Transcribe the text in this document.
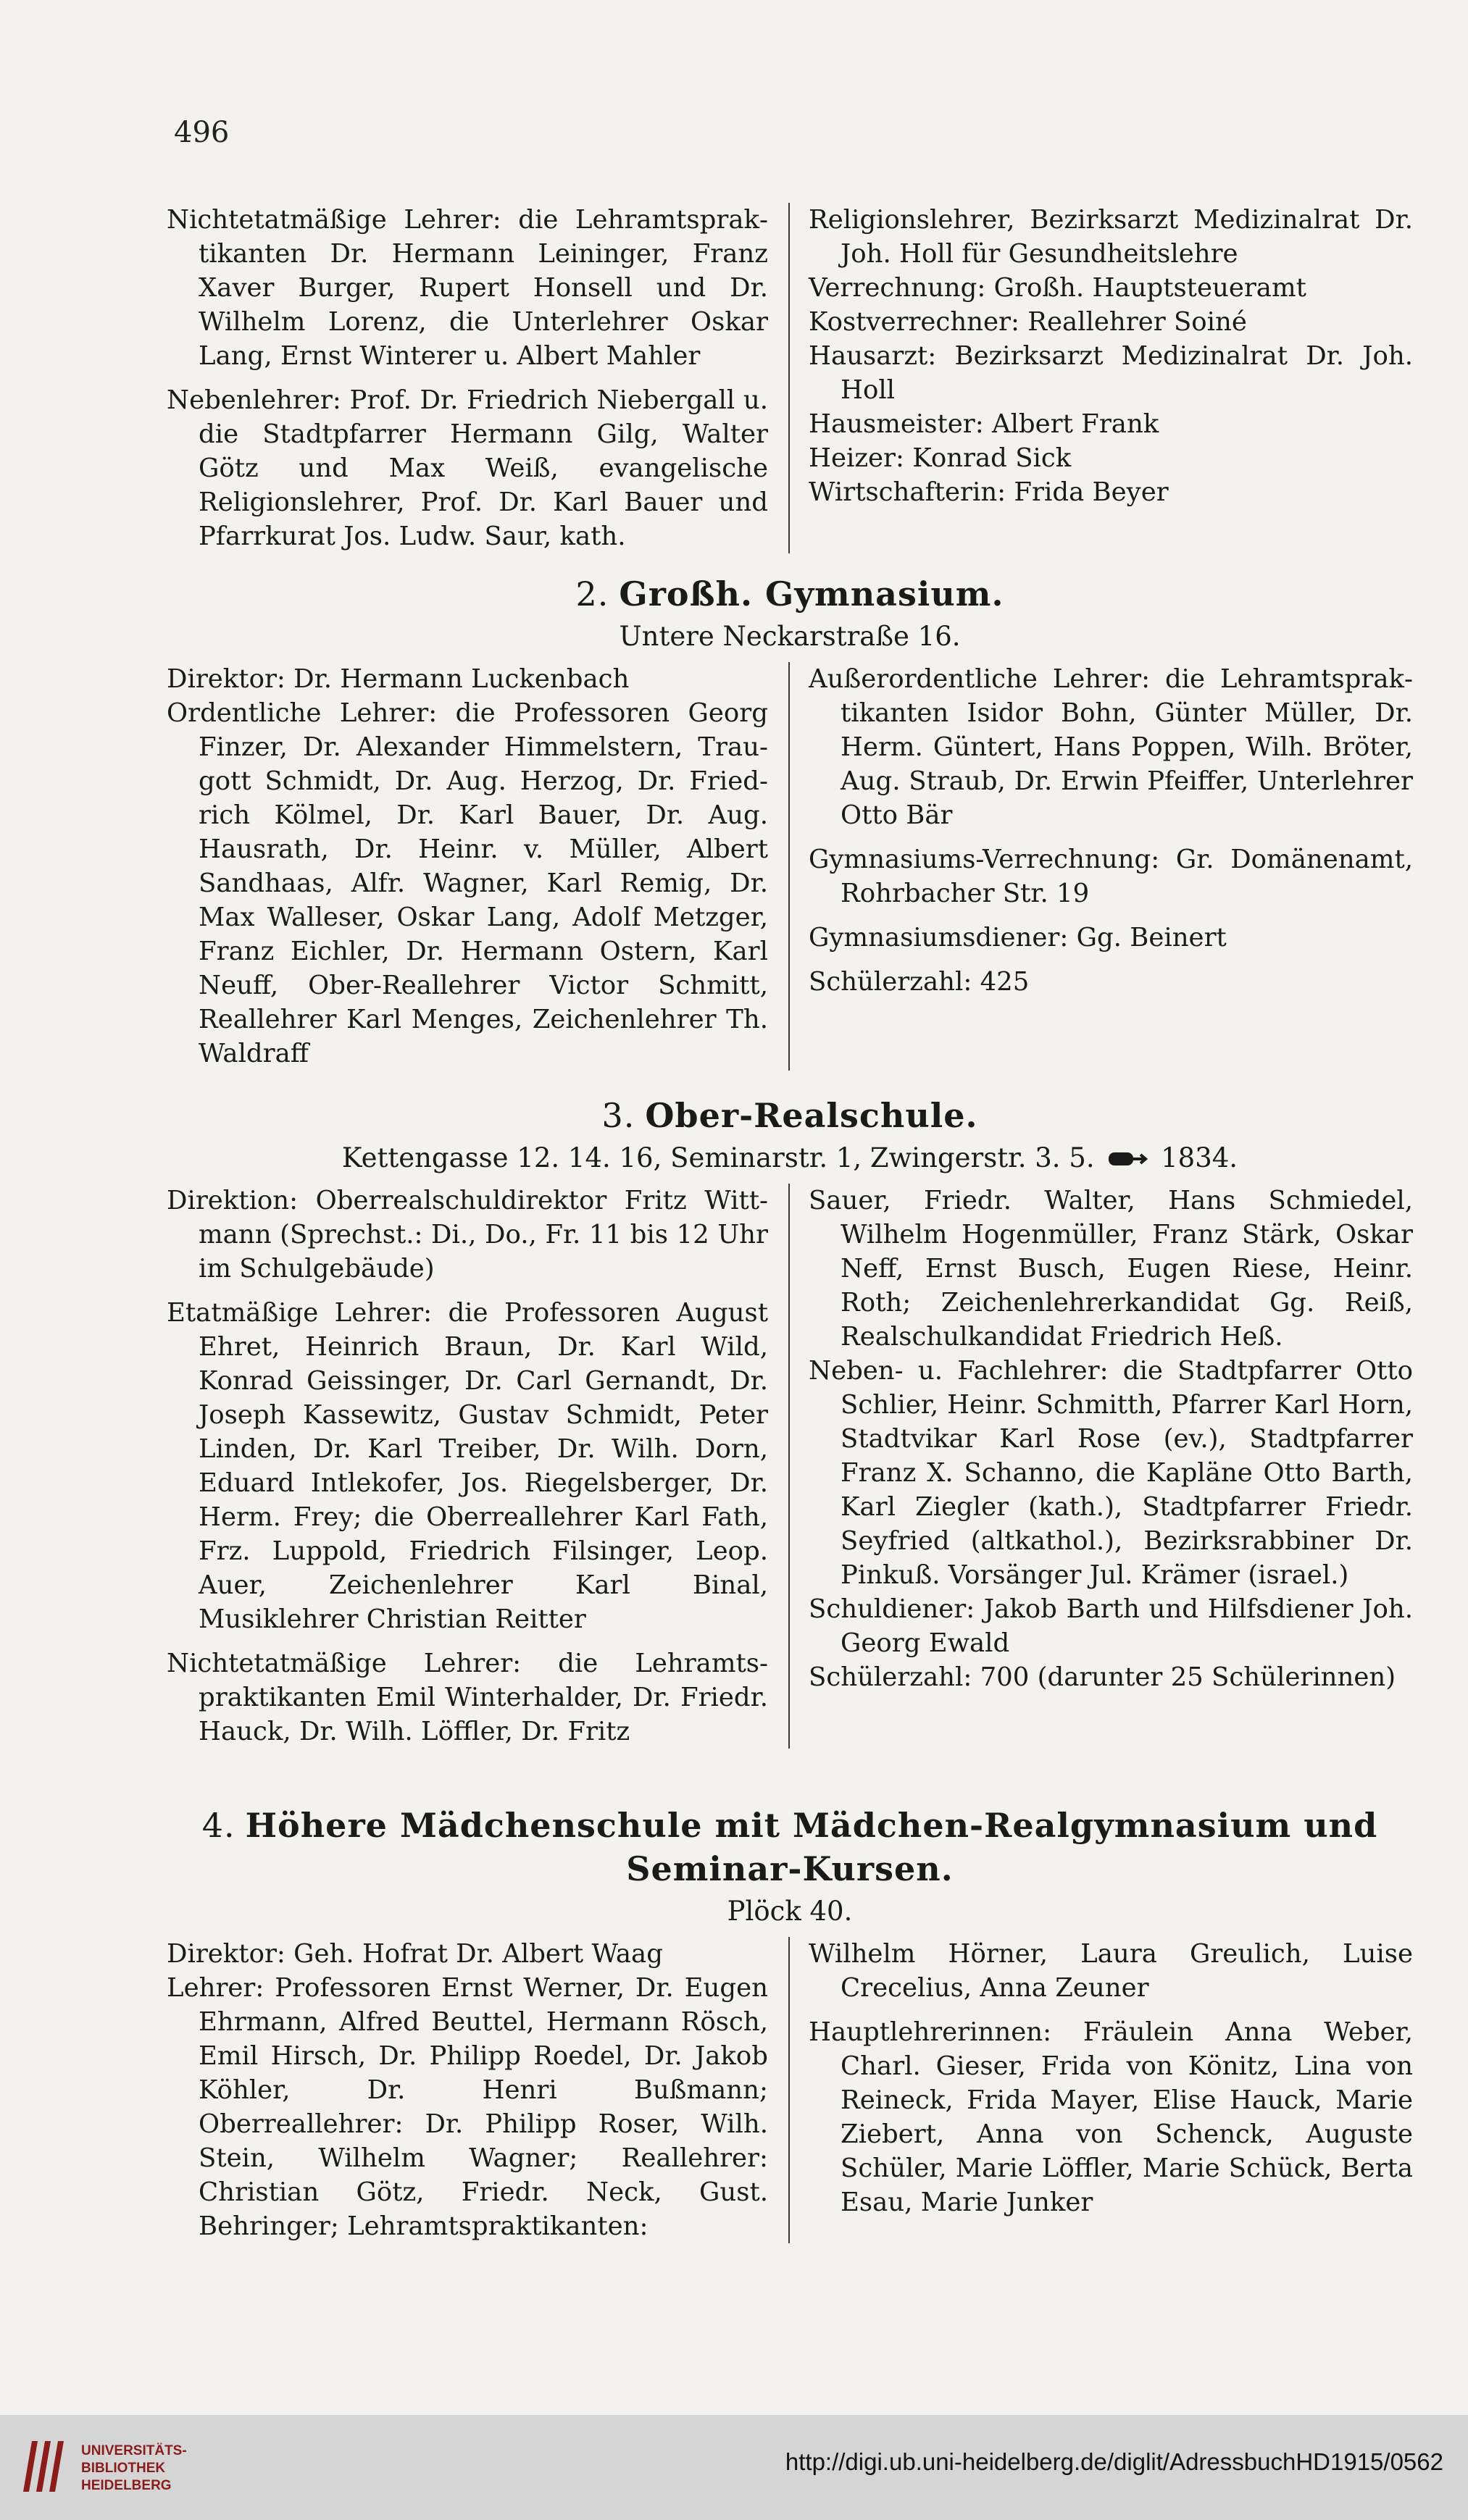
496

Nichtetatmäßige Lehrer: die Lehramtspraktikanten Dr. Hermann Leininger, Franz Xaver Burger, Rupert Honsell und Dr. Wilhelm Lorenz, die Unterlehrer Oskar Lang, Ernst Winterer u. Albert Mahler

Nebenlehrer: Prof. Dr. Friedrich Niebergall u. die Stadtpfarrer Hermann Gilg, Walter Götz und Max Weiß, evangelische Religionslehrer, Prof. Dr. Karl Bauer und Pfarrkurat Jos. Ludw. Saur, kath.

Religionslehrer, Bezirksarzt Medizinalrat Dr. Joh. Holl für Gesundheitslehre

Verrechnung: Großh. Hauptsteueramt

Kostverrechner: Reallehrer Soiné

Hausarzt: Bezirksarzt Medizinalrat Dr. Joh. Holl

Hausmeister: Albert Frank

Heizer: Konrad Sick

Wirtschafterin: Frida Beyer

2. Großh. Gymnasium.
Untere Neckarstraße 16.

Direktor: Dr. Hermann Luckenbach

Ordentliche Lehrer: die Professoren Georg Finzer, Dr. Alexander Himmelstern, Traugott Schmidt, Dr. Aug. Herzog, Dr. Friedrich Kölmel, Dr. Karl Bauer, Dr. Aug. Hausrath, Dr. Heinr. v. Müller, Albert Sandhaas, Alfr. Wagner, Karl Remig, Dr. Max Walleser, Oskar Lang, Adolf Metzger, Franz Eichler, Dr. Hermann Ostern, Karl Neuff, Ober-Reallehrer Victor Schmitt, Reallehrer Karl Menges, Zeichenlehrer Th. Waldraff

Außerordentliche Lehrer: die Lehramtspraktikanten Isidor Bohn, Günter Müller, Dr. Herm. Güntert, Hans Poppen, Wilh. Bröter, Aug. Straub, Dr. Erwin Pfeiffer, Unterlehrer Otto Bär

Gymnasiums-Verrechnung: Gr. Domänenamt, Rohrbacher Str. 19

Gymnasiumsdiener: Gg. Beinert

Schülerzahl: 425

3. Ober-Realschule.
Kettengasse 12. 14. 16, Seminarstr. 1, Zwingerstr. 3. 5. 1834.

Direktion: Oberrealschuldirektor Fritz Wittmann (Sprechst.: Di., Do., Fr. 11 bis 12 Uhr im Schulgebäude)

Etatmäßige Lehrer: die Professoren August Ehret, Heinrich Braun, Dr. Karl Wild, Konrad Geissinger, Dr. Carl Gernandt, Dr. Joseph Kassewitz, Gustav Schmidt, Peter Linden, Dr. Karl Treiber, Dr. Wilh. Dorn, Eduard Intlekofer, Jos. Riegelsberger, Dr. Herm. Frey; die Oberreallehrer Karl Fath, Frz. Luppold, Friedrich Filsinger, Leop. Auer, Zeichenlehrer Karl Binal, Musiklehrer Christian Reitter

Nichtetatmäßige Lehrer: die Lehramtspraktikanten Emil Winterhalder, Dr. Friedr. Hauck, Dr. Wilh. Löffler, Dr. Fritz

Sauer, Friedr. Walter, Hans Schmiedel, Wilhelm Hogenmüller, Franz Stärk, Oskar Neff, Ernst Busch, Eugen Riese, Heinr. Roth; Zeichenlehrerkandidat Gg. Reiß, Realschulkandidat Friedrich Heß.

Neben- u. Fachlehrer: die Stadtpfarrer Otto Schlier, Heinr. Schmitth, Pfarrer Karl Horn, Stadtvikar Karl Rose (ev.), Stadtpfarrer Franz X. Schanno, die Kapläne Otto Barth, Karl Ziegler (kath.), Stadtpfarrer Friedr. Seyfried (altkathol.), Bezirksrabbiner Dr. Pinkuß. Vorsänger Jul. Krämer (israel.)

Schuldiener: Jakob Barth und Hilfsdiener Joh. Georg Ewald

Schülerzahl: 700 (darunter 25 Schülerinnen)

4. Höhere Mädchenschule mit Mädchen-Realgymnasium und Seminar-Kursen.
Plöck 40.

Direktor: Geh. Hofrat Dr. Albert Waag

Lehrer: Professoren Ernst Werner, Dr. Eugen Ehrmann, Alfred Beuttel, Hermann Rösch, Emil Hirsch, Dr. Philipp Roedel, Dr. Jakob Köhler, Dr. Henri Bußmann; Oberreallehrer: Dr. Philipp Roser, Wilh. Stein, Wilhelm Wagner; Reallehrer: Christian Götz, Friedr. Neck, Gust. Behringer; Lehramtspraktikanten:

Wilhelm Hörner, Laura Greulich, Luise Crecelius, Anna Zeuner

Hauptlehrerinnen: Fräulein Anna Weber, Charl. Gieser, Frida von Könitz, Lina von Reineck, Frida Mayer, Elise Hauck, Marie Ziebert, Anna von Schenck, Auguste Schüler, Marie Löffler, Marie Schück, Berta Esau, Marie Junker

UNIVERSITÄTS-
BIBLIOTHEK
HEIDELBERG
http://digi.ub.uni-heidelberg.de/diglit/AdressbuchHD1915/0562
